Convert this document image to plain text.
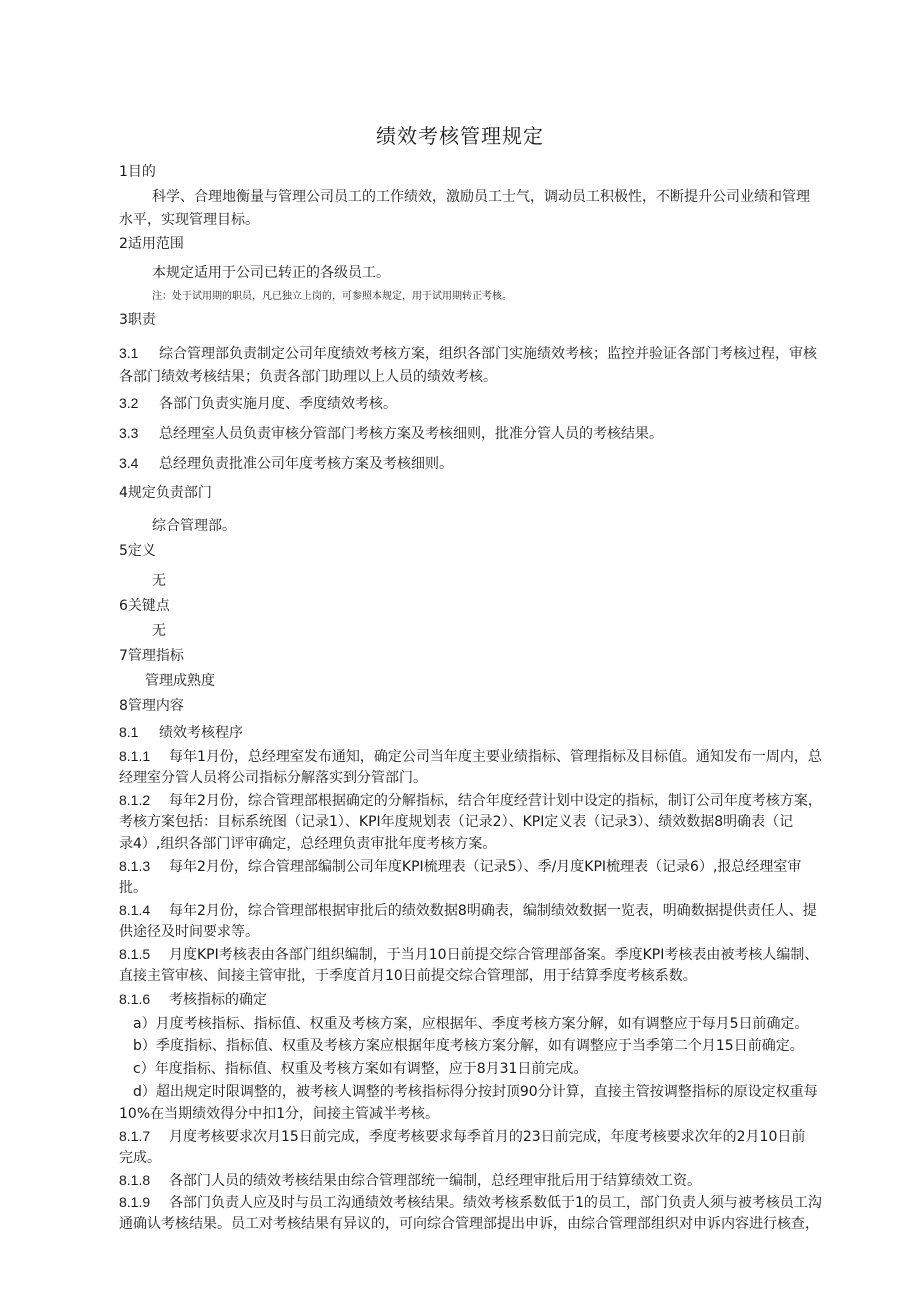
绩效考核管理规定
1目的
科学、合理地衡量与管理公司员工的工作绩效，激励员工士气，调动员工积极性，不断提升公司业绩和管理
水平，实现管理目标。
2适用范围
本规定适用于公司已转正的各级员工。
注：处于试用期的职员，凡已独立上岗的，可参照本规定，用于试用期转正考核。
3职责
3.1 综合管理部负责制定公司年度绩效考核方案，组织各部门实施绩效考核；监控并验证各部门考核过程，审核
各部门绩效考核结果；负责各部门助理以上人员的绩效考核。
3.2 各部门负责实施月度、季度绩效考核。
3.3 总经理室人员负责审核分管部门考核方案及考核细则，批准分管人员的考核结果。
3.4 总经理负责批准公司年度考核方案及考核细则。
4规定负责部门
综合管理部。
5定义
无
6关键点
无
7管理指标
管理成熟度
8管理内容
8.1 绩效考核程序
8.1.1 每年1月份，总经理室发布通知，确定公司当年度主要业绩指标、管理指标及目标值。通知发布一周内，总
经理室分管人员将公司指标分解落实到分管部门。
8.1.2 每年2月份，综合管理部根据确定的分解指标，结合年度经营计划中设定的指标，制订公司年度考核方案，
考核方案包括：目标系统图（记录1）、KPI年度规划表（记录2）、KPI定义表（记录3）、绩效数据8明确表（记
录4）,组织各部门评审确定，总经理负责审批年度考核方案。
8.1.3 每年2月份，综合管理部编制公司年度KPI梳理表（记录5）、季/月度KPI梳理表（记录6）,报总经理室审
批。
8.1.4 每年2月份，综合管理部根据审批后的绩效数据8明确表，编制绩效数据一览表，明确数据提供责任人、提
供途径及时间要求等。
8.1.5 月度KPI考核表由各部门组织编制，于当月10日前提交综合管理部备案。季度KPI考核表由被考核人编制、
直接主管审核、间接主管审批，于季度首月10日前提交综合管理部，用于结算季度考核系数。
8.1.6 考核指标的确定
a）月度考核指标、指标值、权重及考核方案，应根据年、季度考核方案分解，如有调整应于每月5日前确定。
b）季度指标、指标值、权重及考核方案应根据年度考核方案分解，如有调整应于当季第二个月15日前确定。
c）年度指标、指标值、权重及考核方案如有调整，应于8月31日前完成。
d）超出规定时限调整的，被考核人调整的考核指标得分按封顶90分计算，直接主管按调整指标的原设定权重每
10%在当期绩效得分中扣1分，间接主管减半考核。
8.1.7 月度考核要求次月15日前完成，季度考核要求每季首月的23日前完成，年度考核要求次年的2月10日前
完成。
8.1.8 各部门人员的绩效考核结果由综合管理部统一编制，总经理审批后用于结算绩效工资。
8.1.9 各部门负责人应及时与员工沟通绩效考核结果。绩效考核系数低于1的员工，部门负责人须与被考核员工沟
通确认考核结果。员工对考核结果有异议的，可向综合管理部提出申诉，由综合管理部组织对申诉内容进行核查，
